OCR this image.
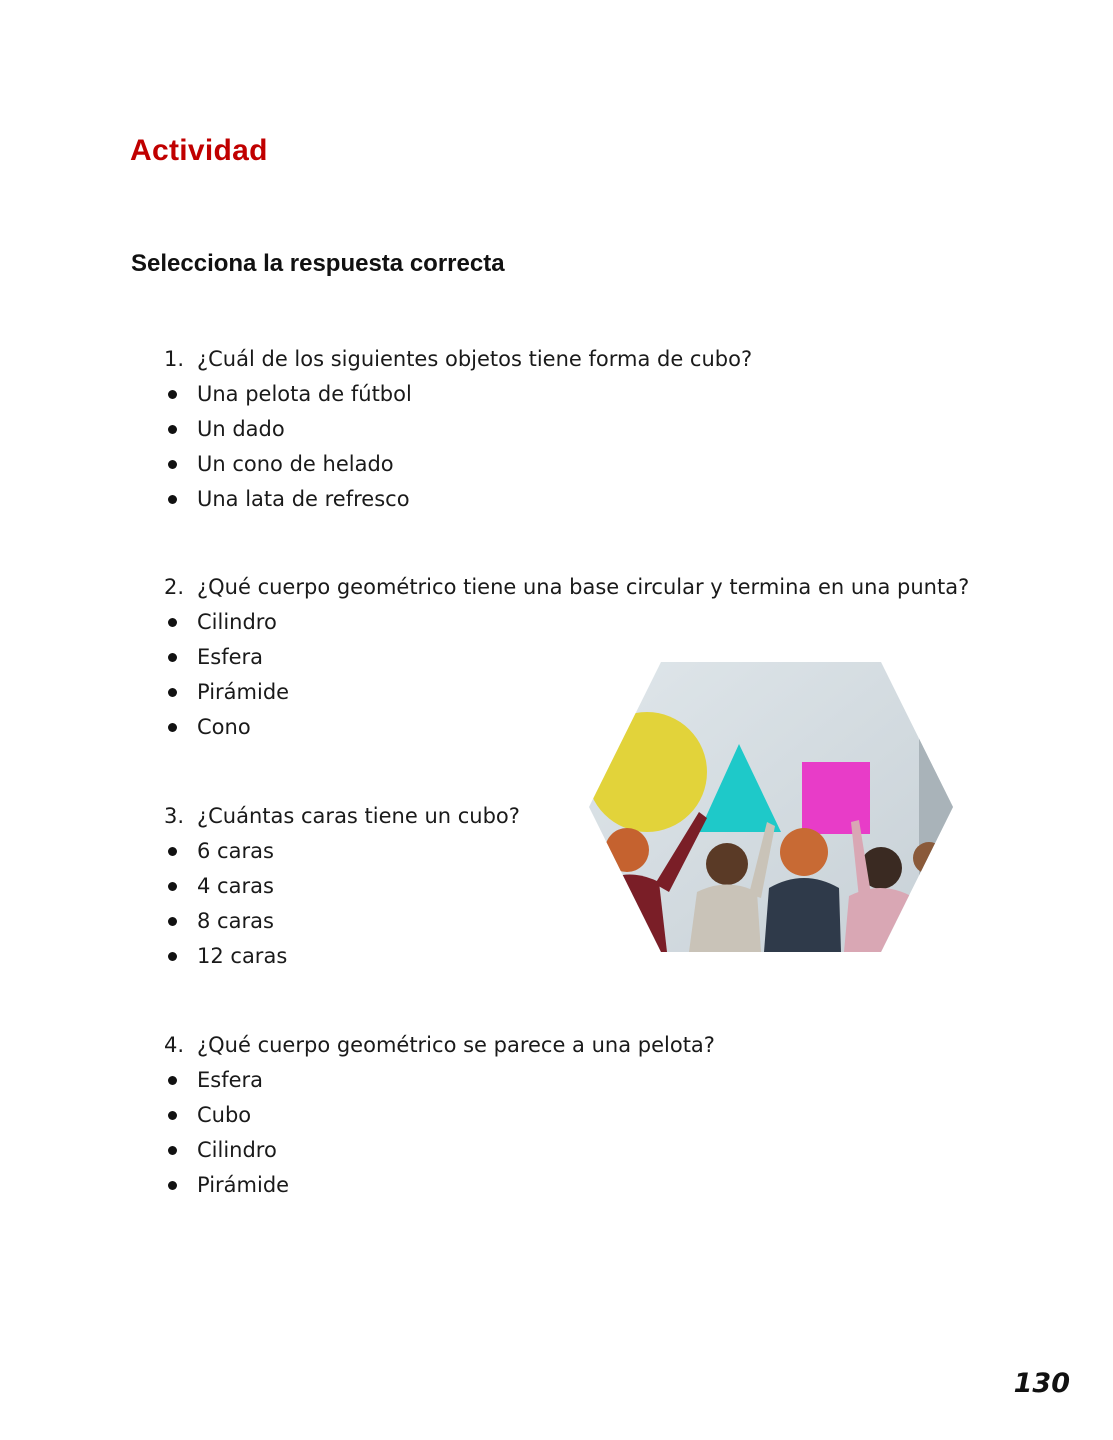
Actividad
Selecciona la respuesta correcta
1. ¿Cuál de los siguientes objetos tiene forma de cubo?
Una pelota de fútbol
Un dado
Un cono de helado
Una lata de refresco
2. ¿Qué cuerpo geométrico tiene una base circular y termina en una punta?
Cilindro
Esfera
Pirámide
Cono
3. ¿Cuántas caras tiene un cubo?
6 caras
4 caras
8 caras
12 caras
4. ¿Qué cuerpo geométrico se parece a una pelota?
Esfera
Cubo
Cilindro
Pirámide
130
